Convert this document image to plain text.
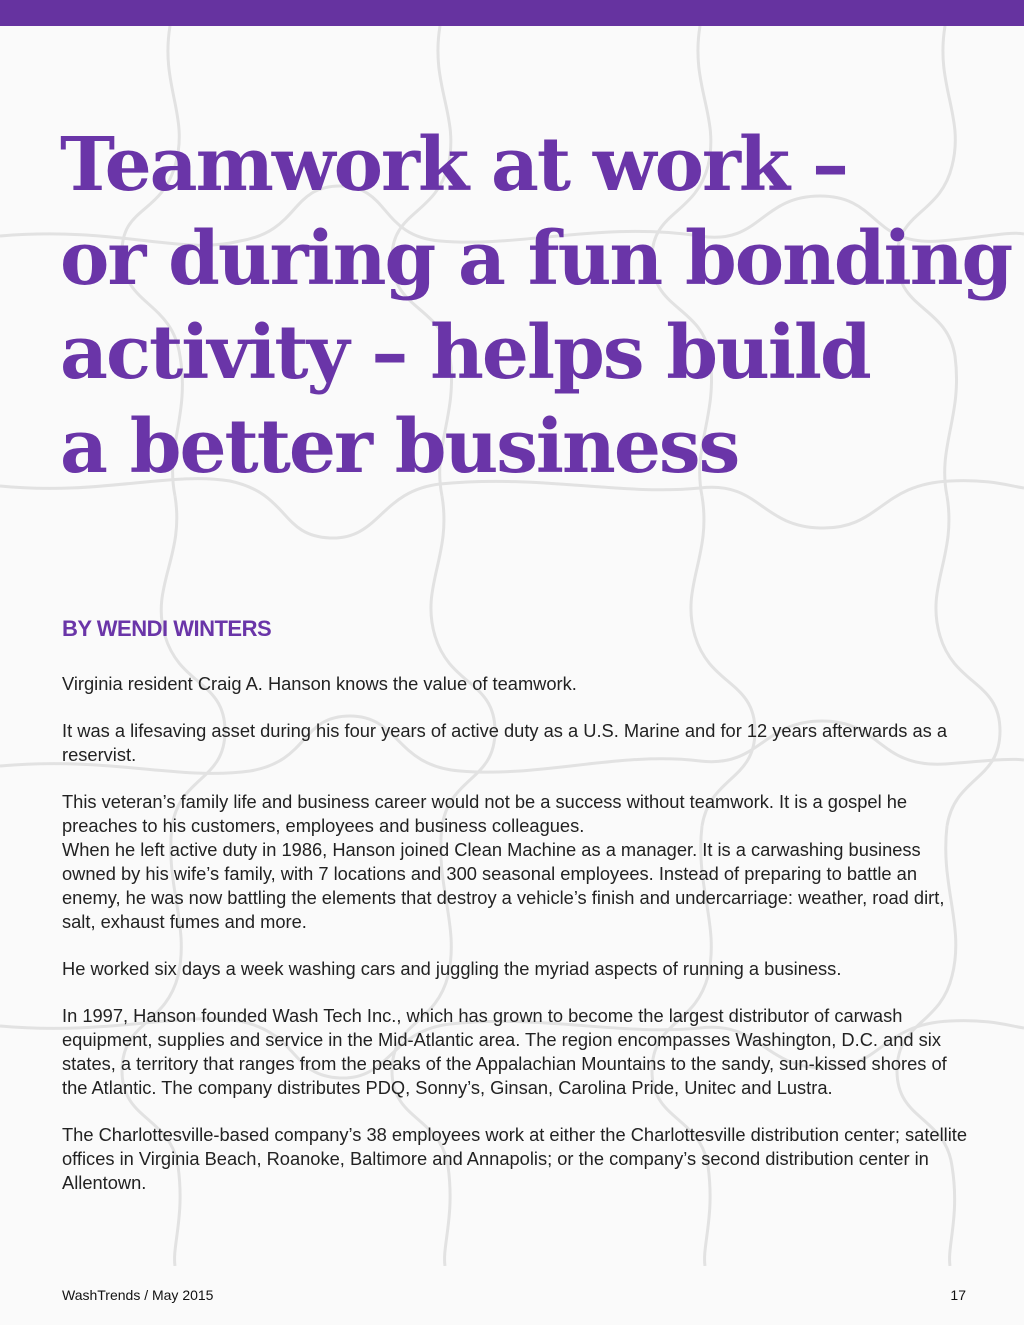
Teamwork at work –
or during a fun bonding
activity – helps build
a better business
BY WENDI WINTERS

Virginia resident Craig A. Hanson knows the value of teamwork.

It was a lifesaving asset during his four years of active duty as a U.S. Marine and for 12 years afterwards as a reservist.

This veteran’s family life and business career would not be a success without teamwork. It is a gospel he preaches to his customers, employees and business colleagues.

When he left active duty in 1986, Hanson joined Clean Machine as a manager. It is a carwashing business owned by his wife’s family, with 7 locations and 300 seasonal employees. Instead of preparing to battle an enemy, he was now battling the elements that destroy a vehicle’s finish and undercarriage: weather, road dirt, salt, exhaust fumes and more.

He worked six days a week washing cars and juggling the myriad aspects of running a business.

In 1997, Hanson founded Wash Tech Inc., which has grown to become the largest distributor of carwash equipment, supplies and service in the Mid-Atlantic area. The region encompasses Washington, D.C. and six states, a territory that ranges from the peaks of the Appalachian Mountains to the sandy, sun-kissed shores of the Atlantic. The company distributes PDQ, Sonny’s, Ginsan, Carolina Pride, Unitec and Lustra.

The Charlottesville-based company’s 38 employees work at either the Charlottesville distribution center; satellite offices in Virginia Beach, Roanoke, Baltimore and Annapolis; or the company’s second distribution center in Allentown.

WashTrends / May 2015	17
